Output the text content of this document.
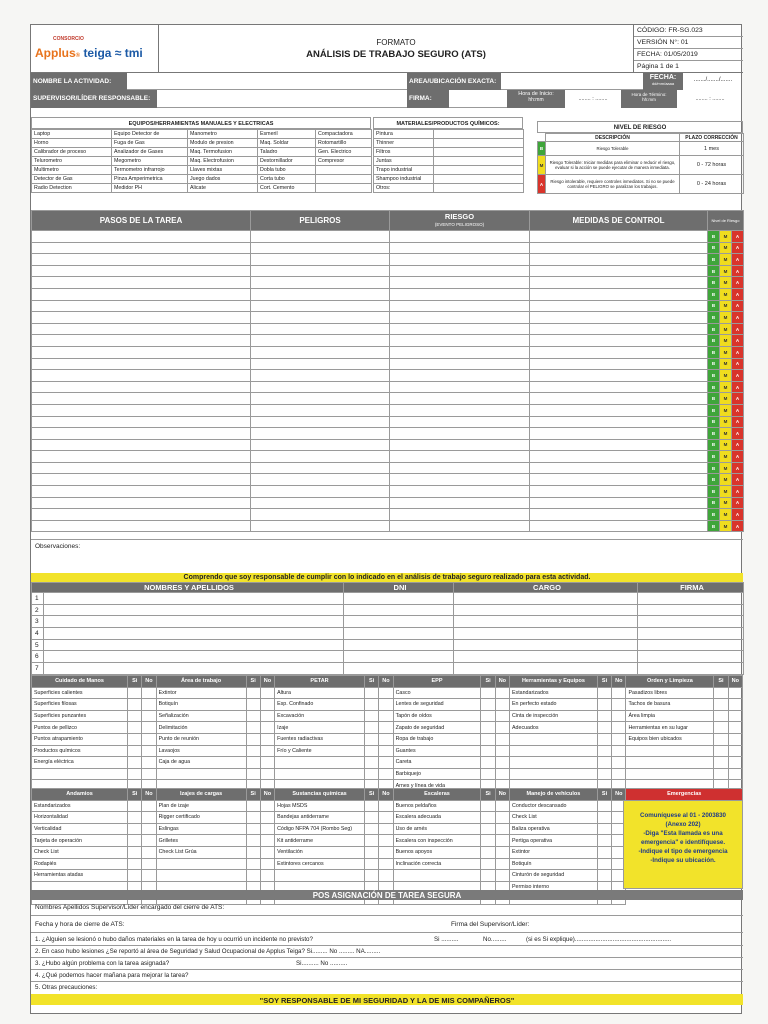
CONSORCIO
Applus® teiga ≈ tmi
FORMATO
ANÁLISIS DE TRABAJO SEGURO (ATS)
CÓDIGO: FR-SG.023
VERSIÓN N°: 01
FECHA: 01/05/2019
Página 1 de 1
NOMBRE LA ACTIVIDAD:	AREA/UBICACIÓN EXACTA:
FECHA:
dd/mm/aaaa
......./......./.......
SUPERVISOR/LÍDER RESPONSABLE:	FIRMA:
Hora de Inicio:
hh:mm	........ : ........
Hora de Término:
hh:mm	........ : ........
EQUIPOS/HERRAMIENTAS MANUALES Y ELECTRICAS
Laptop	Equipo Detector de	Manometro	Esmeril	Compactadora
Horno	Fuga de Gas	Modulo de presion	Maq. Soldar	Rotomartillo
Calibrador de proceso	Analizador de Gases	Maq. Termofusion	Taladro	Gen. Electrico
Telurometro	Megometro	Maq. Electrofusion	Destornillador	Compresor
Multimetro	Termometro infrarrojo	Llaves mixtas	Dobla tubo	
Detector de Gas	Pinza Amperimetrica	Juego dados	Corta tubo	
Radio Detection	Medidor PH	Alicate	Cort. Cemento	
MATERIALES/PRODUCTOS QUÍMICOS:
Pintura	
Thinner	
Filtros	
Juntas	
Trapo industrial	
Shampoo industrial	
Otros:	
NIVEL DE RIESGO
	DESCRIPCIÓN	PLAZO CORRECCIÓN
B	Riesgo Tolerable	1 mes
M	Riesgo Tolerable: Iniciar medidas para eliminar o reducir el riesgo, evaluar si la acción se puede ejecutar de manera inmediata.	0 - 72 horas
A	Riesgo intolerable, requiere controles inmediatos. Si no se puede controlar el PELIGRO se paralizan los trabajos.	0 - 24 horas
PASOS DE LA TAREA	PELIGROS	RIESGO
(EVENTO PELIGROSO)	MEDIDAS DE CONTROL	Nivel de Riesgo		
				B	M	A
				B	M	A
				B	M	A
				B	M	A
				B	M	A
				B	M	A
				B	M	A
				B	M	A
				B	M	A
				B	M	A
				B	M	A
				B	M	A
				B	M	A
				B	M	A
				B	M	A
				B	M	A
				B	M	A
				B	M	A
				B	M	A
				B	M	A
				B	M	A
				B	M	A
				B	M	A
				B	M	A
				B	M	A
				B	M	A
Observaciones:
Comprendo que soy responsable de cumplir con lo indicado en el análisis de trabajo seguro realizado para esta actividad.
NOMBRES Y APELLIDOS		DNI	CARGO	FIRMA
1				
2				
3				
4				
5				
6				
7				
Cuidado de Manos	Si	No	Área de trabajo	Si	No	PETAR	Si	No	EPP	Si	No	Herramientas y Equipos	Si	No	Orden y Limpieza	Si	No
Superficies calientes			Extintor			Altura			Casco			Estandarizados			Pasadizos libres		
Superficies filosas			Botiquín			Esp. Confinado			Lentes de seguridad			En perfecto estado			Tachos de basura		
Superficies punzantes			Señalización			Excavación			Tapón de oídos			Cinta de inspección			Área limpia		
Puntos de pellizco			Delimitación			Izaje			Zapato de seguridad			Adecuados			Herramientas en su lugar		
Puntos atrapamiento			Punto de reunión			Fuentes radiactivas			Ropa de trabajo						Equipos bien ubicados		
Productos químicos			Lavaojos			Frío y Caliente			Guantes								
Energía eléctrica			Caja de agua						Careta								
									Barbiquejo								
									Arnes y línea de vida								
Andamios	Si	No	Izajes de cargas	Si	No	Sustancias químicas	Si	No	Escaleras	Si	No	Manejo de vehículos	Si	No	Emergencias
Estandarizados			Plan de izaje			Hojas MSDS			Buenos peldaños			Conductor descansado			
Horizontalidad			Rigger certificado			Bandejas antiderrame			Escalera adecuada			Check List			
Verticalidad			Eslingas			Código NFPA 704 (Rombo Seg)			Uso de arnés			Baliza operativa			
Tarjeta de operación			Grilletes			Kit antiderrame			Escalera con inspección			Pertiga operativa			
Check List			Check List Grúa			Ventilación			Buenos apoyos			Extintor			
Rodapiés						Extintores cercanos			Inclinación correcta			Botiquín			
Herramientas atadas												Cinturón de seguridad			
												Permiso interno			

Comuníquese al 01 - 2003830
(Anexo 202)
-Diga "Esta llamada es una
emergencia" e identifíquese.
-Indique el tipo de emergencia
-Indique su ubicación.
POS ASIGNACIÓN DE TAREA SEGURA
Nombres Apellidos Supervisor/Líder encargado del cierre de ATS:
Fecha y hora de cierre de ATS:	Firma del Supervisor/Líder:
1. ¿Alguien se lesionó o hubo daños materiales en la tarea de hoy u ocurrió un incidente no previsto?	Si ..........	No.........	(si es Si explique)........................................................
2. En caso hubo lesiones ¿Se reportó al área de Seguridad y Salud Ocupacional de Applus Teiga? Si......... No ......... NA.........
3. ¿Hubo algún problema con la tarea asignada?	Si.......... No ..........
4. ¿Qué podemos hacer mañana para mejorar la tarea?
5. Otras precauciones:
"SOY RESPONSABLE DE MI SEGURIDAD Y LA DE MIS COMPAÑEROS"
